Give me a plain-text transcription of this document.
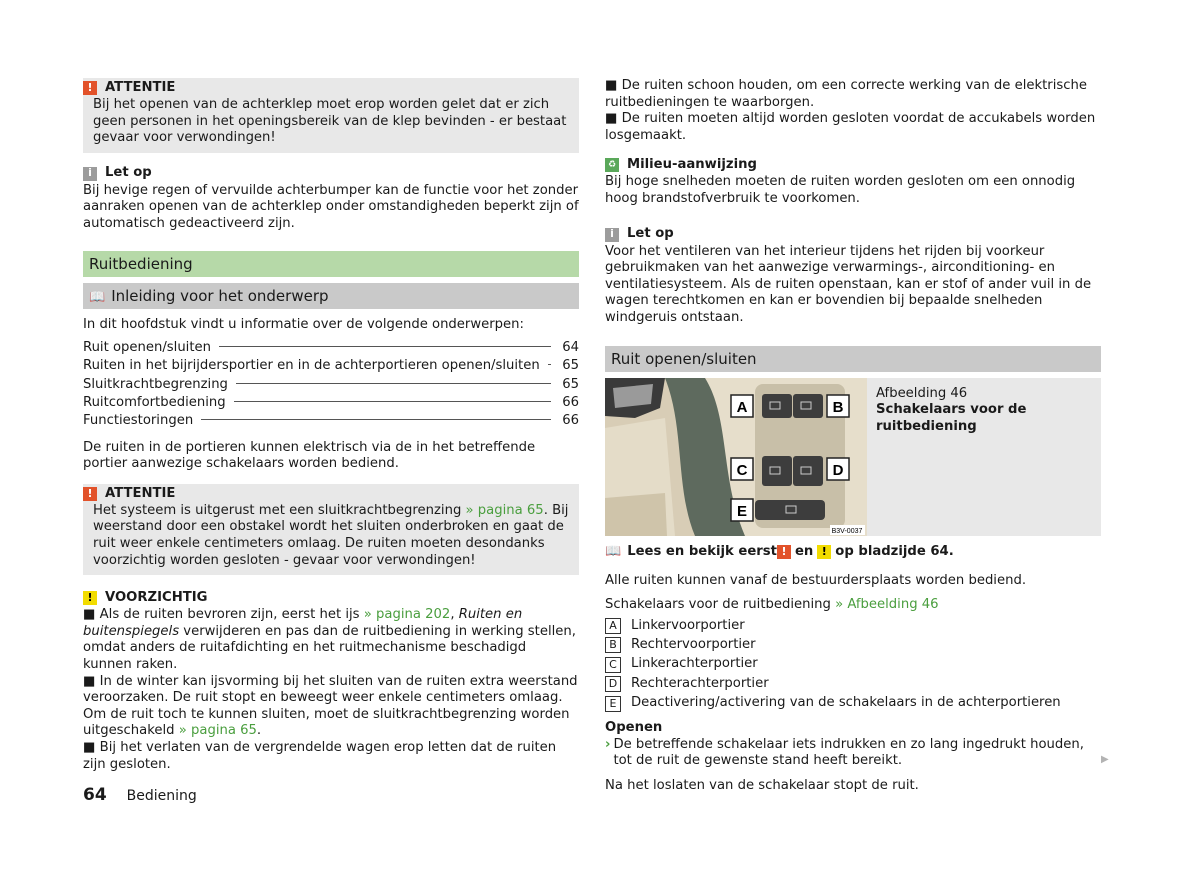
! ATTENTIE

Bij het openen van de achterklep moet erop worden gelet dat er zich geen personen in het openingsbereik van de klep bevinden - er bestaat gevaar voor verwondingen!

i Let op

Bij hevige regen of vervuilde achterbumper kan de functie voor het zonder aanraken openen van de achterklep onder omstandigheden beperkt zijn of automatisch gedeactiveerd zijn.

Ruitbediening
📖 Inleiding voor het onderwerp

In dit hoofdstuk vindt u informatie over de volgende onderwerpen:

Ruit openen/sluiten	64
Ruiten in het bijrijdersportier en in de achterportieren openen/sluiten 65
Sluitkrachtbegrenzing	65
Ruitcomfortbediening	66
Functiestoringen	66

De ruiten in de portieren kunnen elektrisch via de in het betreffende portier aanwezige schakelaars worden bediend.

! ATTENTIE

Het systeem is uitgerust met een sluitkrachtbegrenzing » pagina 65. Bij weerstand door een obstakel wordt het sluiten onderbroken en gaat de ruit weer enkele centimeters omlaag. De ruiten moeten desondanks voorzichtig worden gesloten - gevaar voor verwondingen!

! VOORZICHTIG

■ Als de ruiten bevroren zijn, eerst het ijs » pagina 202, Ruiten en buitenspiegels verwijderen en pas dan de ruitbediening in werking stellen, omdat anders de ruitafdichting en het ruitmechanisme beschadigd kunnen raken.

■ In de winter kan ijsvorming bij het sluiten van de ruiten extra weerstand veroorzaken. De ruit stopt en beweegt weer enkele centimeters omlaag. Om de ruit toch te kunnen sluiten, moet de sluitkrachtbegrenzing worden uitgeschakeld » pagina 65.

■ Bij het verlaten van de vergrendelde wagen erop letten dat de ruiten zijn gesloten.

■ De ruiten schoon houden, om een correcte werking van de elektrische ruitbedieningen te waarborgen.

■ De ruiten moeten altijd worden gesloten voordat de accukabels worden losgemaakt.

♻ Milieu-aanwijzing

Bij hoge snelheden moeten de ruiten worden gesloten om een onnodig hoog brandstofverbruik te voorkomen.

i Let op

Voor het ventileren van het interieur tijdens het rijden bij voorkeur gebruikmaken van het aanwezige verwarmings-, airconditioning- en ventilatiesysteem. Als de ruiten openstaan, kan er stof of ander vuil in de wagen terechtkomen en kan er bovendien bij bepaalde snelheden windgeruis ontstaan.

Ruit openen/sluiten
A	B
C	D
E
B3V-0037

Afbeelding 46

Schakelaars voor de ruitbediening

📖 Lees en bekijk eerst ! en ! op bladzijde 64.

Alle ruiten kunnen vanaf de bestuurdersplaats worden bediend.

Schakelaars voor de ruitbediening » Afbeelding 46

A	Linkervoorportier
B	Rechtervoorportier
C	Linkerachterportier
D Rechterachterportier
E	Deactivering/activering van de schakelaars in de achterportieren

Openen

› De betreffende schakelaar iets indrukken en zo lang ingedrukt houden, tot de ruit de gewenste stand heeft bereikt.

Na het loslaten van de schakelaar stopt de ruit.

▶
64 Bediening
